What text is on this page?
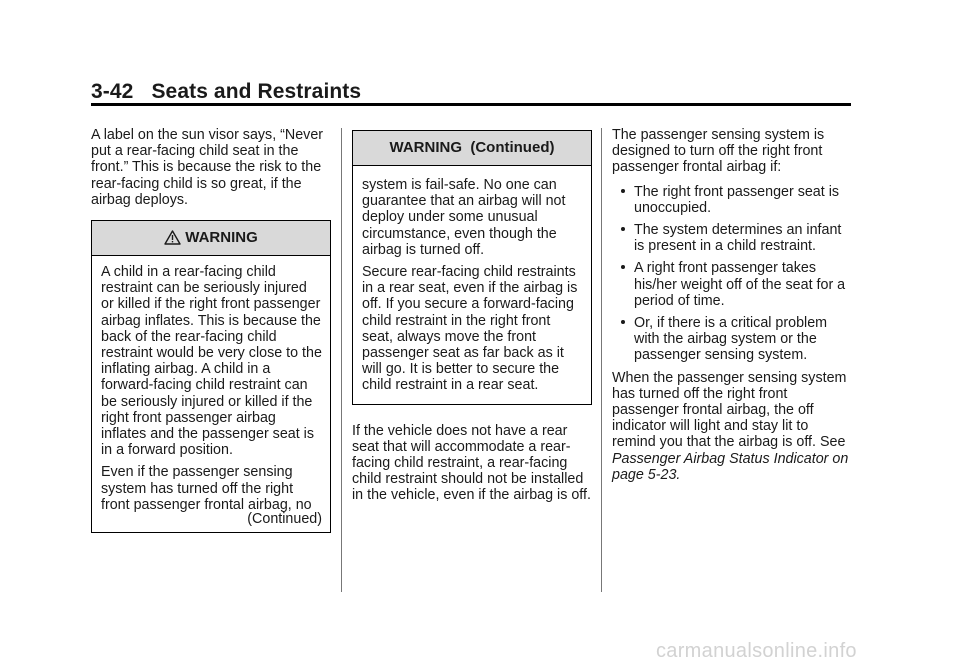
3-42 Seats and Restraints

A label on the sun visor says, “Never put a rear-facing child seat in the front.” This is because the risk to the rear-facing child is so great, if the airbag deploys.

WARNING

A child in a rear-facing child restraint can be seriously injured or killed if the right front passenger airbag inflates. This is because the back of the rear-facing child restraint would be very close to the inflating airbag. A child in a forward-facing child restraint can be seriously injured or killed if the right front passenger airbag inflates and the passenger seat is in a forward position.

Even if the passenger sensing system has turned off the right front passenger frontal airbag, no

(Continued)
WARNING  (Continued)

system is fail-safe. No one can guarantee that an airbag will not deploy under some unusual circumstance, even though the airbag is turned off.

Secure rear-facing child restraints in a rear seat, even if the airbag is off. If you secure a forward-facing child restraint in the right front seat, always move the front passenger seat as far back as it will go. It is better to secure the child restraint in a rear seat.

If the vehicle does not have a rear seat that will accommodate a rear-facing child restraint, a rear-facing child restraint should not be installed in the vehicle, even if the airbag is off.

The passenger sensing system is designed to turn off the right front passenger frontal airbag if:

The right front passenger seat is unoccupied.
The system determines an infant is present in a child restraint.
A right front passenger takes his/her weight off of the seat for a period of time.
Or, if there is a critical problem with the airbag system or the passenger sensing system.

When the passenger sensing system has turned off the right front passenger frontal airbag, the off indicator will light and stay lit to remind you that the airbag is off. See Passenger Airbag Status Indicator on page 5-23.

carmanualsonline.info
